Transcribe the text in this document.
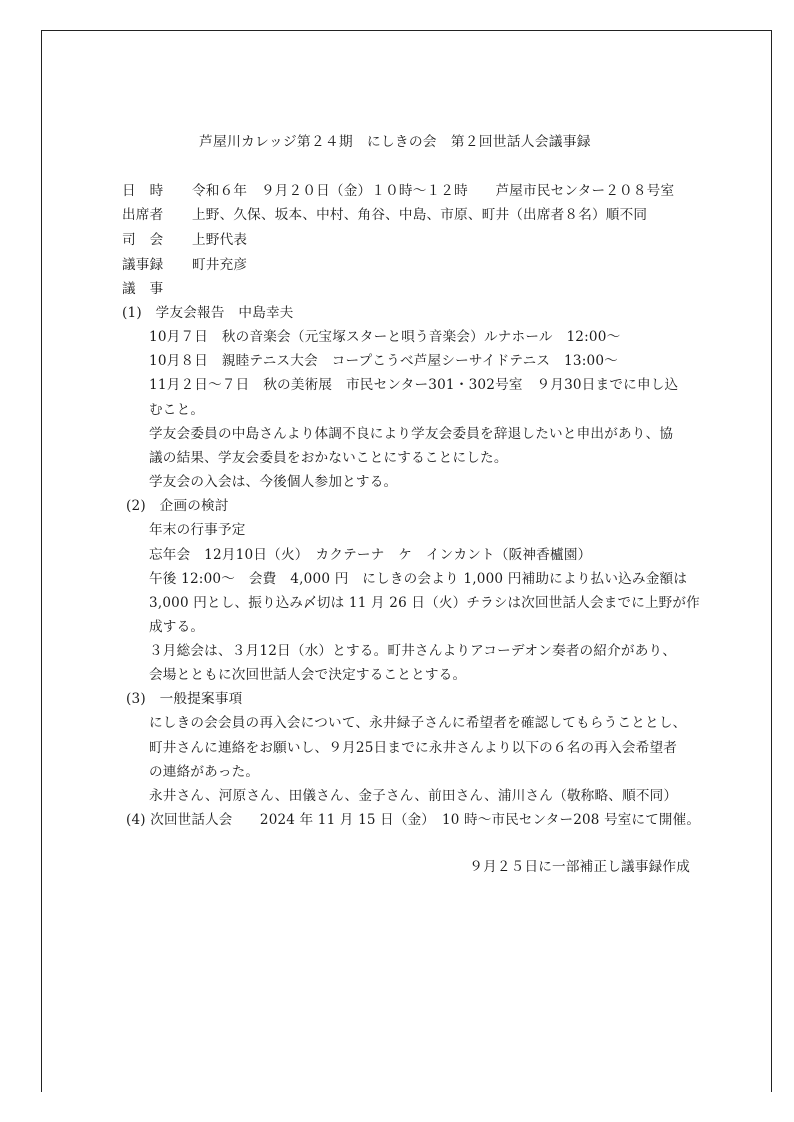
芦屋川カレッジ第２４期　にしきの会　第２回世話人会議事録
日　時 令和６年　９月２０日（金）１０時～１２時　　芦屋市民センター２０８号室
出席者 上野、久保、坂本、中村、角谷、中島、市原、町井（出席者８名）順不同
司　会 上野代表
議事録 町井充彦
議　事
(1)　学友会報告　中島幸夫
10月７日　秋の音楽会（元宝塚スターと唄う音楽会）ルナホール　12:00～
10月８日　親睦テニス大会　コープこうべ芦屋シーサイドテニス　13:00～
11月２日～７日　秋の美術展　市民センター301・302号室　９月30日までに申し込
むこと。
学友会委員の中島さんより体調不良により学友会委員を辞退したいと申出があり、協
議の結果、学友会委員をおかないことにすることにした。
学友会の入会は、今後個人参加とする。
(2)　企画の検討
年末の行事予定
忘年会　12月10日（火）　カクテーナ　ケ　インカント（阪神香櫨園）
午後 12:00～　会費　4,000 円　にしきの会より 1,000 円補助により払い込み金額は
3,000 円とし、振り込み〆切は 11 月 26 日（火）チラシは次回世話人会までに上野が作
成する。
３月総会は、３月12日（水）とする。町井さんよりアコーデオン奏者の紹介があり、
会場とともに次回世話人会で決定することとする。
(3)　一般提案事項
にしきの会会員の再入会について、永井緑子さんに希望者を確認してもらうこととし、
町井さんに連絡をお願いし、９月25日までに永井さんより以下の６名の再入会希望者
の連絡があった。
永井さん、河原さん、田儀さん、金子さん、前田さん、浦川さん（敬称略、順不同）
(4) 次回世話人会　　2024 年 11 月 15 日（金）　10 時～市民センター208 号室にて開催。
９月２５日に一部補正し議事録作成
